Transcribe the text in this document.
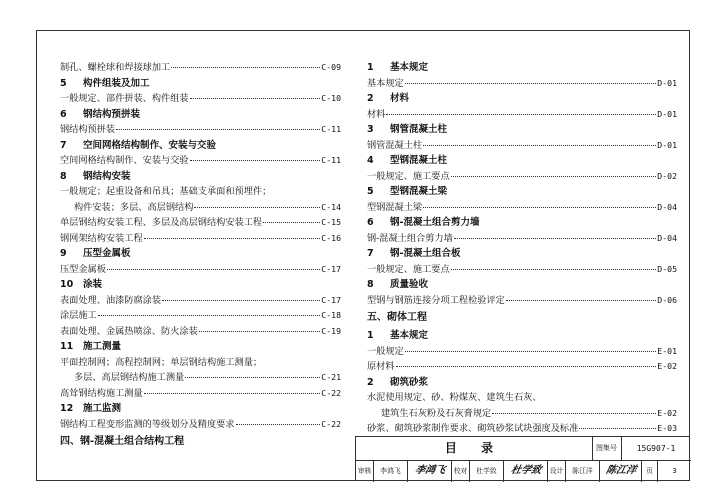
制孔、螺栓球和焊接球加工	C-09
5	构件组装及加工
一般规定、部件拼装、构件组装	C-10
6	钢结构预拼装
钢结构预拼装	C-11
7	空间网格结构制作、安装与交验
空间网格结构制作、安装与交验	C-11
8	钢结构安装
一般规定；起重设备和吊具；基础支承面和预埋件；
构件安装；多层、高层钢结构	C-14
单层钢结构安装工程、多层及高层钢结构安装工程	C-15
钢网架结构安装工程	C-16
9	压型金属板
压型金属板	C-17
10	涂装
表面处理、油漆防腐涂装	C-17
涂层施工	C-18
表面处理、金属热喷涂、防火涂装	C-19
11	施工测量
平面控制网；高程控制网；单层钢结构施工测量；
多层、高层钢结构施工测量	C-21
高耸钢结构施工测量	C-22
12	施工监测
钢结构工程变形监测的等级划分及精度要求	C-22
四、钢-混凝土组合结构工程
1	基本规定
基本规定	D-01
2	材料
材料	D-01
3	钢管混凝土柱
钢管混凝土柱	D-01
4	型钢混凝土柱
一般规定、施工要点	D-02
5	型钢混凝土梁
型钢混凝土梁	D-04
6	钢-混凝土组合剪力墙
钢-混凝土组合剪力墙	D-04
7	钢-混凝土组合板
一般规定、施工要点	D-05
8	质量验收
型钢与钢筋连接分项工程检验评定	D-06
五、砌体工程
1	基本规定
一般规定	E-01
原材料	E-02
2	砌筑砂浆
水泥使用规定、砂、粉煤灰、建筑生石灰、
建筑生石灰粉及石灰膏规定	E-02
砂浆、砌筑砂浆制作要求、砌筑砂浆试块强度及标准	E-03
目 录	图集号	15G907-1
审核	李鸿飞	李鸿飞	校对	杜学致	杜学致	设计	陈江洋	陈江洋	页	3
